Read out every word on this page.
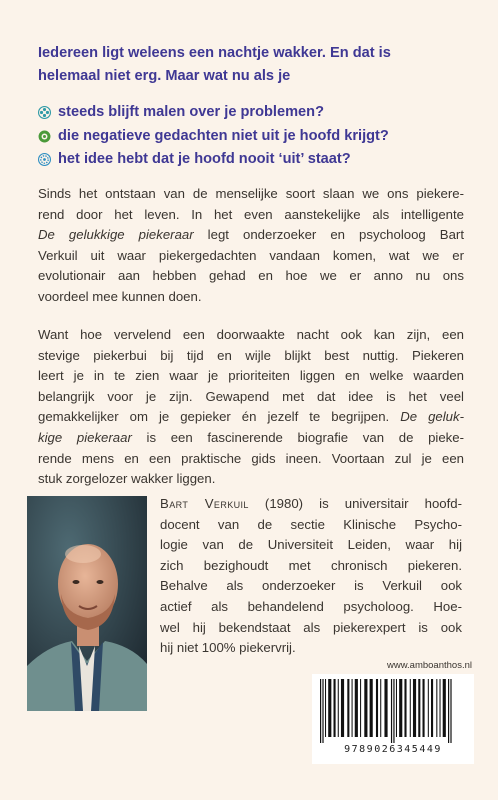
Iedereen ligt weleens een nachtje wakker. En dat is
helemaal niet erg. Maar wat nu als je

steeds blijft malen over je problemen?
die negatieve gedachten niet uit je hoofd krijgt?
het idee hebt dat je hoofd nooit ‘uit’ staat?

Sinds het ontstaan van de menselijke soort slaan we ons piekere-
rend door het leven. In het even aanstekelijke als intelligente
De gelukkige piekeraar legt onderzoeker en psycholoog Bart
Verkuil uit waar piekergedachten vandaan komen, wat we er
evolutionair aan hebben gehad en hoe we er anno nu ons
voordeel mee kunnen doen.

Want hoe vervelend een doorwaakte nacht ook kan zijn, een
stevige piekerbui bij tijd en wijle blijkt best nuttig. Piekeren
leert je in te zien waar je prioriteiten liggen en welke waarden
belangrijk voor je zijn. Gewapend met dat idee is het veel
gemakkelijker om je gepieker én jezelf te begrijpen. De geluk-
kige piekeraar is een fascinerende biografie van de pieke-
rende mens en een praktische gids ineen. Voortaan zul je een
stuk zorgelozer wakker liggen.

Bart Verkuil (1980) is universitair hoofd-
docent van de sectie Klinische Psycho-
logie van de Universiteit Leiden, waar hij
zich bezighoudt met chronisch piekeren.
Behalve als onderzoeker is Verkuil ook
actief als behandelend psycholoog. Hoe-
wel hij bekendstaat als piekerexpert is ook
hij niet 100% piekervrij.

www.amboanthos.nl
9789026345449
